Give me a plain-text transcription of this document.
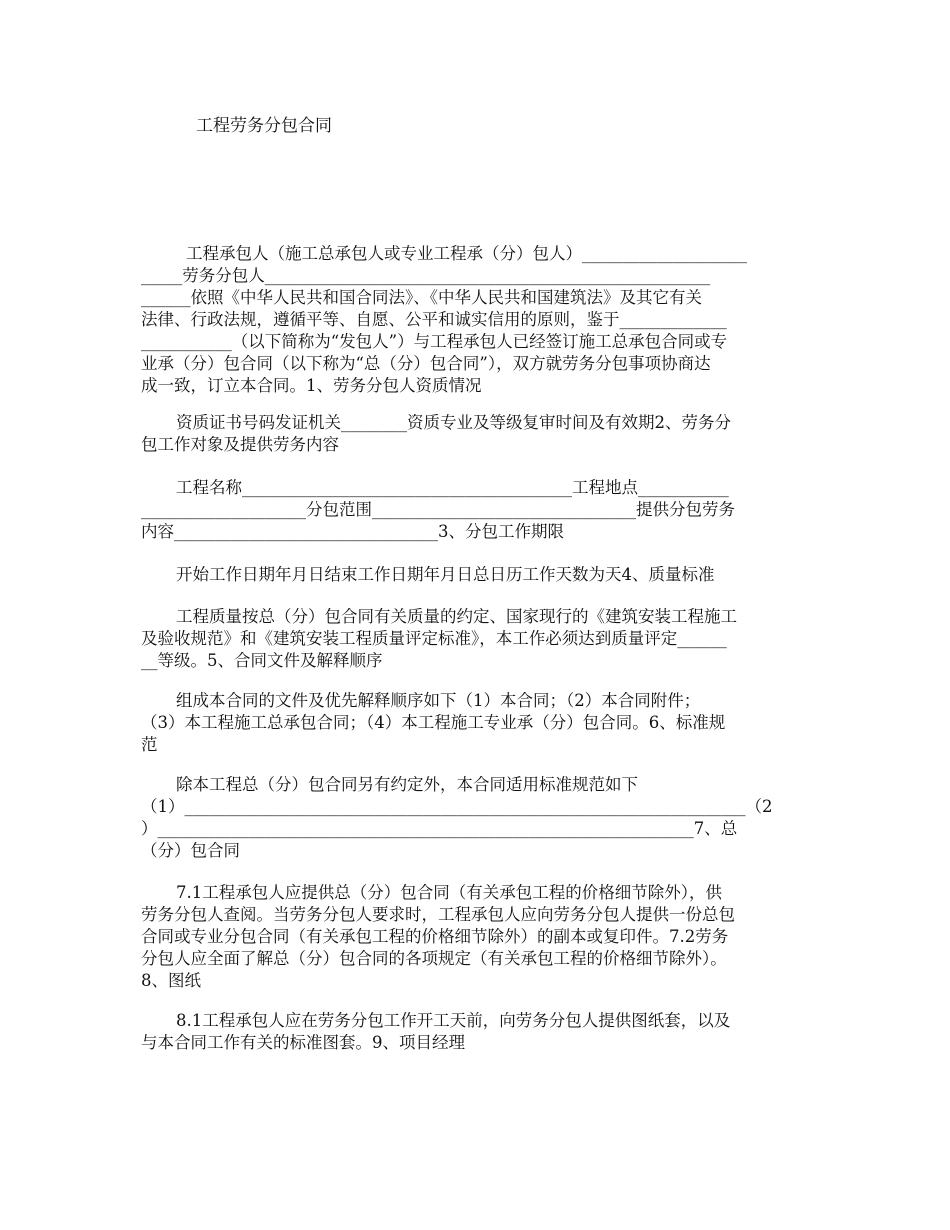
工程劳务分包合同
工程承包人（施工总承包人或专业工程承（分）包人）____________________
_____劳务分包人______________________________________________________
______依照《中华人民共和国合同法》、《中华人民共和国建筑法》及其它有关
法律、行政法规，遵循平等、自愿、公平和诚实信用的原则，鉴于_____________
___________（以下简称为“发包人”）与工程承包人已经签订施工总承包合同或专
业承（分）包合同（以下称为“总（分）包合同”），双方就劳务分包事项协商达
成一致，订立本合同。1、劳务分包人资质情况
资质证书号码发证机关________资质专业及等级复审时间及有效期2、劳务分
包工作对象及提供劳务内容
工程名称________________________________________工程地点___________
____________________分包范围________________________________提供分包劳务
内容________________________________3、分包工作期限
开始工作日期年月日结束工作日期年月日总日历工作天数为天4、质量标准
工程质量按总（分）包合同有关质量的约定、国家现行的《建筑安装工程施工
及验收规范》和《建筑安装工程质量评定标准》，本工作必须达到质量评定______
__等级。5、合同文件及解释顺序
组成本合同的文件及优先解释顺序如下（1）本合同；（2）本合同附件；
（3）本工程施工总承包合同；（4）本工程施工专业承（分）包合同。6、标准规
范
除本工程总（分）包合同另有约定外，本合同适用标准规范如下
（1）____________________________________________________________________（2
）_________________________________________________________________7、总
（分）包合同
7.1工程承包人应提供总（分）包合同（有关承包工程的价格细节除外），供
劳务分包人查阅。当劳务分包人要求时，工程承包人应向劳务分包人提供一份总包
合同或专业分包合同（有关承包工程的价格细节除外）的副本或复印件。7.2劳务
分包人应全面了解总（分）包合同的各项规定（有关承包工程的价格细节除外）。
8、图纸
8.1工程承包人应在劳务分包工作开工天前，向劳务分包人提供图纸套，以及
与本合同工作有关的标准图套。9、项目经理
